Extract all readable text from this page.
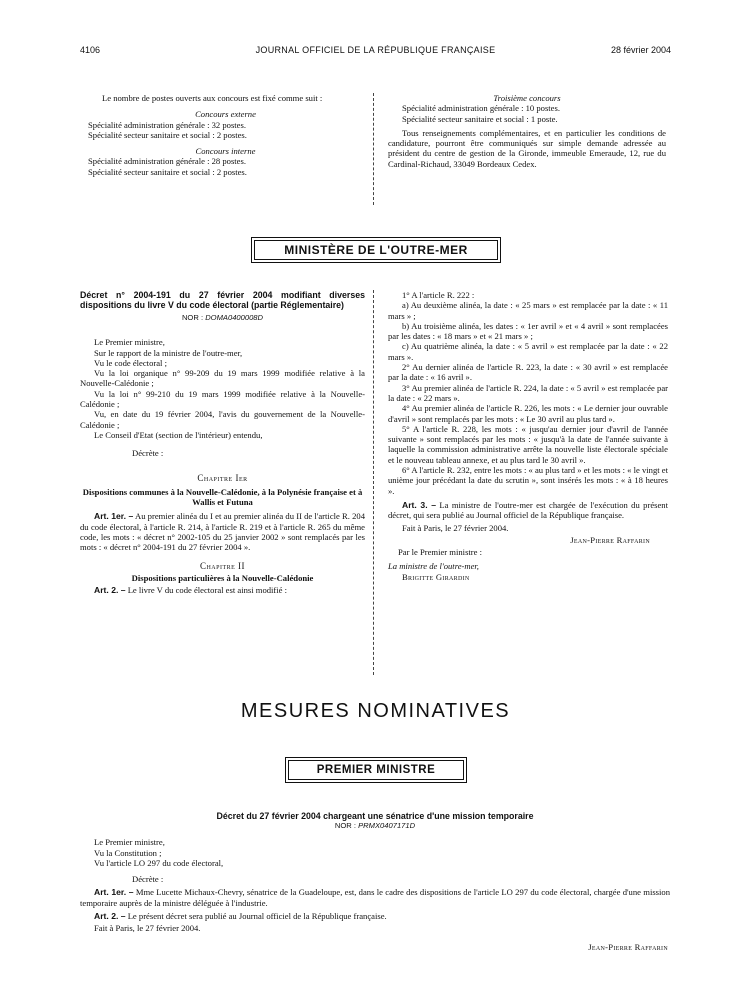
4106	JOURNAL OFFICIEL DE LA RÉPUBLIQUE FRANÇAISE	28 février 2004

Le nombre de postes ouverts aux concours est fixé comme suit :

Concours externe

Spécialité administration générale : 32 postes.

Spécialité secteur sanitaire et social : 2 postes.

Concours interne

Spécialité administration générale : 28 postes.

Spécialité secteur sanitaire et social : 2 postes.

Troisième concours

Spécialité administration générale : 10 postes.

Spécialité secteur sanitaire et social : 1 poste.

Tous renseignements complémentaires, et en particulier les conditions de candidature, pourront être communiqués sur simple demande adressée au président du centre de gestion de la Gironde, immeuble Emeraude, 12, rue du Cardinal-Richaud, 33049 Bordeaux Cedex.

MINISTÈRE DE L'OUTRE-MER

Décret n° 2004-191 du 27 février 2004 modifiant diverses dispositions du livre V du code électoral (partie Réglementaire)

NOR : DOMA0400008D

Le Premier ministre,

Sur le rapport de la ministre de l'outre-mer,

Vu le code électoral ;

Vu la loi organique n° 99-209 du 19 mars 1999 modifiée relative à la Nouvelle-Calédonie ;

Vu la loi n° 99-210 du 19 mars 1999 modifiée relative à la Nouvelle-Calédonie ;

Vu, en date du 19 février 2004, l'avis du gouvernement de la Nouvelle-Calédonie ;

Le Conseil d'Etat (section de l'intérieur) entendu,

Décrète :

Chapitre Ier

Dispositions communes à la Nouvelle-Calédonie, à la Polynésie française et à Wallis et Futuna

Art. 1er. – Au premier alinéa du I et au premier alinéa du II de l'article R. 204 du code électoral, à l'article R. 214, à l'article R. 219 et à l'article R. 265 du même code, les mots : « décret n° 2002-105 du 25 janvier 2002 » sont remplacés par les mots : « décret n° 2004-191 du 27 février 2004 ».

Chapitre II

Dispositions particulières à la Nouvelle-Calédonie

Art. 2. – Le livre V du code électoral est ainsi modifié :

1° A l'article R. 222 :

a) Au deuxième alinéa, la date : « 25 mars » est remplacée par la date : « 11 mars » ;

b) Au troisième alinéa, les dates : « 1er avril » et « 4 avril » sont remplacées par les dates : « 18 mars » et « 21 mars » ;

c) Au quatrième alinéa, la date : « 5 avril » est remplacée par la date : « 22 mars ».

2° Au dernier alinéa de l'article R. 223, la date : « 30 avril » est remplacée par la date : « 16 avril ».

3° Au premier alinéa de l'article R. 224, la date : « 5 avril » est remplacée par la date : « 22 mars ».

4° Au premier alinéa de l'article R. 226, les mots : « Le dernier jour ouvrable d'avril » sont remplacés par les mots : « Le 30 avril au plus tard ».

5° A l'article R. 228, les mots : « jusqu'au dernier jour d'avril de l'année suivante » sont remplacés par les mots : « jusqu'à la date de l'année suivante à laquelle la commission administrative arrête la nouvelle liste électorale spéciale et le nouveau tableau annexe, et au plus tard le 30 avril ».

6° A l'article R. 232, entre les mots : « au plus tard » et les mots : « le vingt et unième jour précédant la date du scrutin », sont insérés les mots : « à 18 heures ».

Art. 3. – La ministre de l'outre-mer est chargée de l'exécution du présent décret, qui sera publié au Journal officiel de la République française.

Fait à Paris, le 27 février 2004.

Jean-Pierre Raffarin

Par le Premier ministre :

La ministre de l'outre-mer,

Brigitte Girardin

MESURES NOMINATIVES
PREMIER MINISTRE

Décret du 27 février 2004 chargeant une sénatrice d'une mission temporaire

NOR : PRMX0407171D

Le Premier ministre,

Vu la Constitution ;

Vu l'article LO 297 du code électoral,

Décrète :

Art. 1er. – Mme Lucette Michaux-Chevry, sénatrice de la Guadeloupe, est, dans le cadre des dispositions de l'article LO 297 du code électoral, chargée d'une mission temporaire auprès de la ministre déléguée à l'industrie.

Art. 2. – Le présent décret sera publié au Journal officiel de la République française.

Fait à Paris, le 27 février 2004.

Jean-Pierre Raffarin
